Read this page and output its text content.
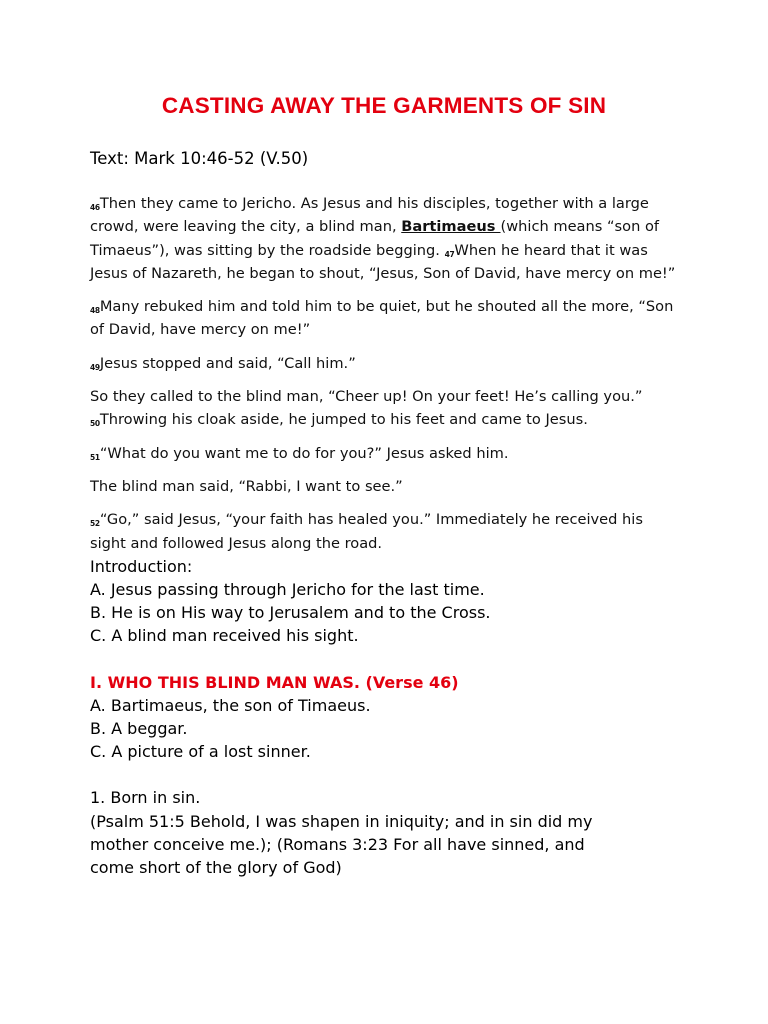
CASTING AWAY THE GARMENTS OF SIN

Text: Mark 10:46-52 (V.50)

$^{46}$Then they came to Jericho. As Jesus and his disciples, together with a large crowd, were leaving the city, a blind man, Bartimaeus (which means “son of Timaeus”), was sitting by the roadside begging. $^{47}$When he heard that it was Jesus of Nazareth, he began to shout, “Jesus, Son of David, have mercy on me!”

$^{48}$Many rebuked him and told him to be quiet, but he shouted all the more, “Son of David, have mercy on me!”

$^{49}$Jesus stopped and said, “Call him.”

So they called to the blind man, “Cheer up! On your feet! He’s calling you.” $^{50}$Throwing his cloak aside, he jumped to his feet and came to Jesus.

$^{51}$“What do you want me to do for you?” Jesus asked him.

The blind man said, “Rabbi, I want to see.”

$^{52}$“Go,” said Jesus, “your faith has healed you.” Immediately he received his sight and followed Jesus along the road.

Introduction:
A. Jesus passing through Jericho for the last time.
B. He is on His way to Jerusalem and to the Cross.
C. A blind man received his sight.
I. WHO THIS BLIND MAN WAS. (Verse 46)
A. Bartimaeus, the son of Timaeus.
B. A beggar.
C. A picture of a lost sinner.
1. Born in sin.
(Psalm 51:5 Behold, I was shapen in iniquity; and in sin did my
mother conceive me.); (Romans 3:23 For all have sinned, and
come short of the glory of God)
